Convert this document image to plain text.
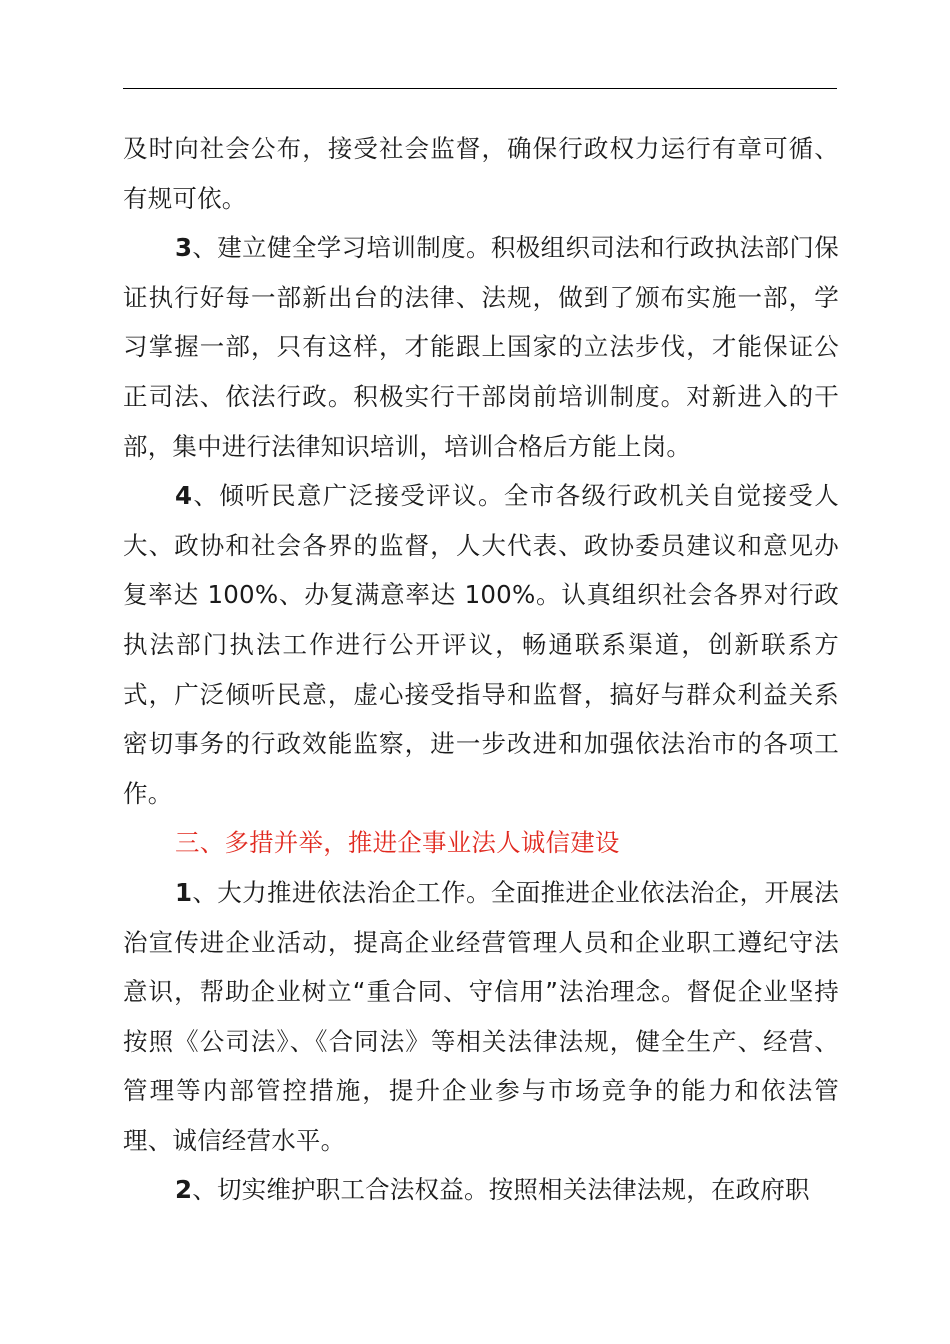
及时向社会公布，接受社会监督，确保行政权力运行有章可循、有规可依。

3、建立健全学习培训制度。积极组织司法和行政执法部门保证执行好每一部新出台的法律、法规，做到了颁布实施一部，学习掌握一部，只有这样，才能跟上国家的立法步伐，才能保证公正司法、依法行政。积极实行干部岗前培训制度。对新进入的干部，集中进行法律知识培训，培训合格后方能上岗。

4、倾听民意广泛接受评议。全市各级行政机关自觉接受人大、政协和社会各界的监督，人大代表、政协委员建议和意见办复率达 100%、办复满意率达 100%。认真组织社会各界对行政执法部门执法工作进行公开评议，畅通联系渠道，创新联系方式，广泛倾听民意，虚心接受指导和监督，搞好与群众利益关系密切事务的行政效能监察，进一步改进和加强依法治市的各项工作。

三、多措并举，推进企事业法人诚信建设

1、大力推进依法治企工作。全面推进企业依法治企，开展法治宣传进企业活动，提高企业经营管理人员和企业职工遵纪守法意识，帮助企业树立“重合同、守信用”法治理念。督促企业坚持按照《公司法》、《合同法》等相关法律法规，健全生产、经营、管理等内部管控措施，提升企业参与市场竞争的能力和依法管理、诚信经营水平。

2、切实维护职工合法权益。按照相关法律法规，在政府职
